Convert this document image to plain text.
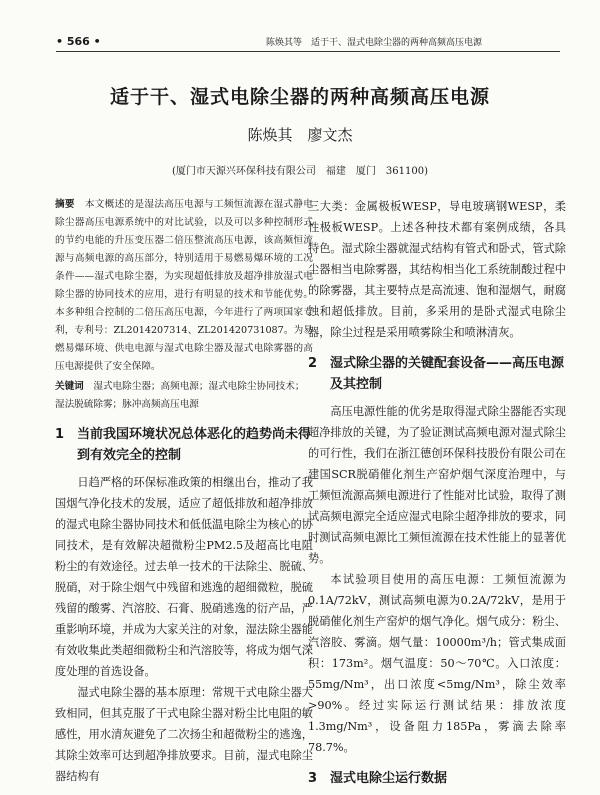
• 566 •	陈焕其等　适于干、湿式电除尘器的两种高频高压电源
适于干、湿式电除尘器的两种高频高压电源
陈焕其　廖文杰
(厦门市天源兴环保科技有限公司　福建　厦门　361100)
摘要　 本文概述的是湿法高压电源与工频恒流源在湿式静电除尘器高压电源系统中的对比试验，以及可以多种控制形式的节约电能的升压变压器二倍压整流高压电源，该高频恒流源与高频电源的高压部分，特别适用于易燃易爆环境的工况条件——湿式电除尘器，为实现超低排放及超净排放湿式电除尘器的协同技术的应用，进行有明显的技术和节能优势。本多种组合控制的二倍压高压电源，今年进行了两项国家专利，专利号：ZL2014207314、ZL201420731087。为易燃易爆环境、供电电源与湿式电除尘器及湿式电除雾器的高压电源提供了安全保障。
关键词　 湿式电除尘器；高频电源；湿式电除尘协同技术；湿法脱硫除雾；脉冲高频高压电源
1 当前我国环境状况总体恶化的趋势尚未得到有效完全的控制

日趋严格的环保标准政策的相继出台，推动了我国烟气净化技术的发展，适应了超低排放和超净排放的湿式电除尘器协同技术和低低温电除尘为核心的协同技术，是有效解决超微粉尘PM2.5及超高比电阻粉尘的有效途径。过去单一技术的干法除尘、脱硫、脱硝，对于除尘烟气中残留和逃逸的超细微粒，脱硫残留的酸雾、汽溶胶、石膏、脱硝逃逸的衍产品，严重影响环境，并成为大家关注的对象，湿法除尘器能有效收集此类超细微粉尘和汽溶胶等，将成为烟气深度处理的首选设备。

湿式电除尘器的基本原理：常规干式电除尘器大致相同，但其克服了干式电除尘器对粉尘比电阻的敏感性，用水清灰避免了二次扬尘和超微粉尘的逃逸，其除尘效率可达到超净排放要求。目前，湿式电除尘器结构有

三大类：金属极板WESP，导电玻璃钢WESP，柔性极板WESP。上述各种技术都有案例成绩，各具特色。湿式除尘器就湿式结构有管式和卧式，管式除尘器相当电除雾器，其结构相当化工系统制酸过程中的除雾器，其主要特点是高流速、饱和湿烟气，耐腐蚀和超低排放。目前，多采用的是卧式湿式电除尘器，除尘过程是采用喷雾除尘和喷淋清灰。

2 湿式除尘器的关键配套设备——高压电源及其控制

高压电源性能的优劣是取得湿式除尘器能否实现超净排放的关键，为了验证测试高频电源对湿式除尘的可行性，我们在浙江德创环保科技股份有限公司在建国SCR脱硝催化剂生产窑炉烟气深度治理中，与工频恒流源高频电源进行了性能对比试验，取得了测试高频电源完全适应湿式电除尘超净排放的要求，同时测试高频电源比工频恒流源在技术性能上的显著优势。

本试验项目使用的高压电源：工频恒流源为0.1A/72kV，测试高频电源为0.2A/72kV，是用于脱硝催化剂生产窑炉的烟气净化。烟气成分：粉尘、汽溶胶、雾滴。烟气量：10000m³/h；管式集成面积：173m²。烟气温度：50～70℃。入口浓度：55mg/Nm³，出口浓度<5mg/Nm³，除尘效率>90%。经过实际运行测试结果：排放浓度1.3mg/Nm³，设备阻力185Pa，雾滴去除率78.7%。

3 湿式电除尘运行数据
